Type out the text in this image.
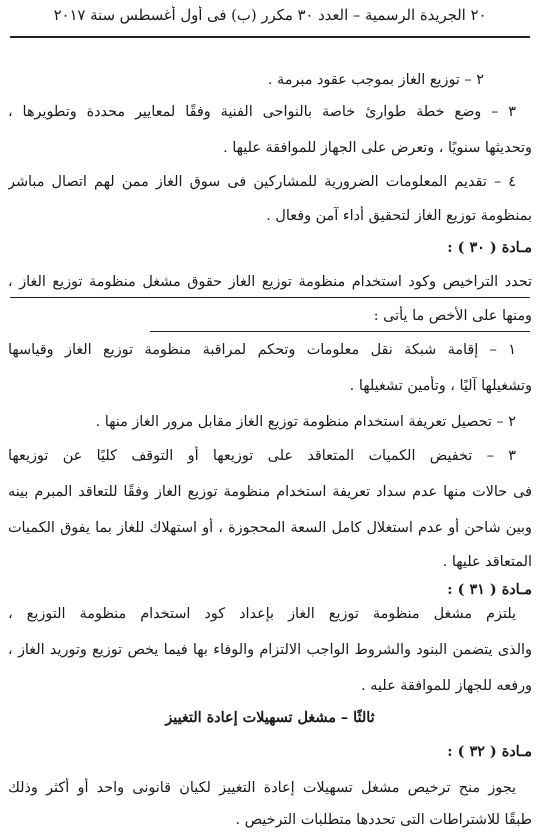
٢٠ الجريدة الرسمية – العدد ٣٠ مكرر (ب) فى أول أغسطس سنة ٢٠١٧
٢ – توزيع الغاز بموجب عقود مبرمة .
٣ – وضع خطة طوارئ خاصة بالنواحى الفنية وفقًا لمعايير محددة وتطويرها ،
وتحديثها سنويًا ، وتعرض على الجهاز للموافقة عليها .
٤ – تقديم المعلومات الضرورية للمشاركين فى سوق الغاز ممن لهم اتصال مباشر
بمنظومة توزيع الغاز لتحقيق أداء آمن وفعال .
مـادة ( ٣٠ ) :
تحدد التراخيص وكود استخدام منظومة توزيع الغاز حقوق مشغل منظومة توزيع الغاز ،
ومنها على الأخص ما يأتى :
١ – إقامة شبكة نقل معلومات وتحكم لمراقبة منظومة توزيع الغاز وقياسها
وتشغيلها آليًا ، وتأمين تشغيلها .
٢ – تحصيل تعريفة استخدام منظومة توزيع الغاز مقابل مرور الغاز منها .
٣ – تخفيض الكميات المتعاقد على توزيعها أو التوقف كليًا عن توزيعها
فى حالات منها عدم سداد تعريفة استخدام منظومة توزيع الغاز وفقًا للتعاقد المبرم بينه
وبين شاحن أو عدم استغلال كامل السعة المحجوزة ، أو استهلاك للغاز بما يفوق الكميات
المتعاقد عليها .
مـادة ( ٣١ ) :
يلتزم مشغل منظومة توزيع الغاز بإعداد كود استخدام منظومة التوزيع ،
والذى يتضمن البنود والشروط الواجب الالتزام والوفاء بها فيما يخص توزيع وتوريد الغاز ،
ورفعه للجهاز للموافقة عليه .
ثالثًا – مشغل تسهيلات إعادة التغييز
مـادة ( ٣٢ ) :
يجوز منح ترخيص مشغل تسهيلات إعادة التغييز لكيان قانونى واحد أو أكثر وذلك
طبقًا للاشتراطات التى تحددها متطلبات الترخيص .
